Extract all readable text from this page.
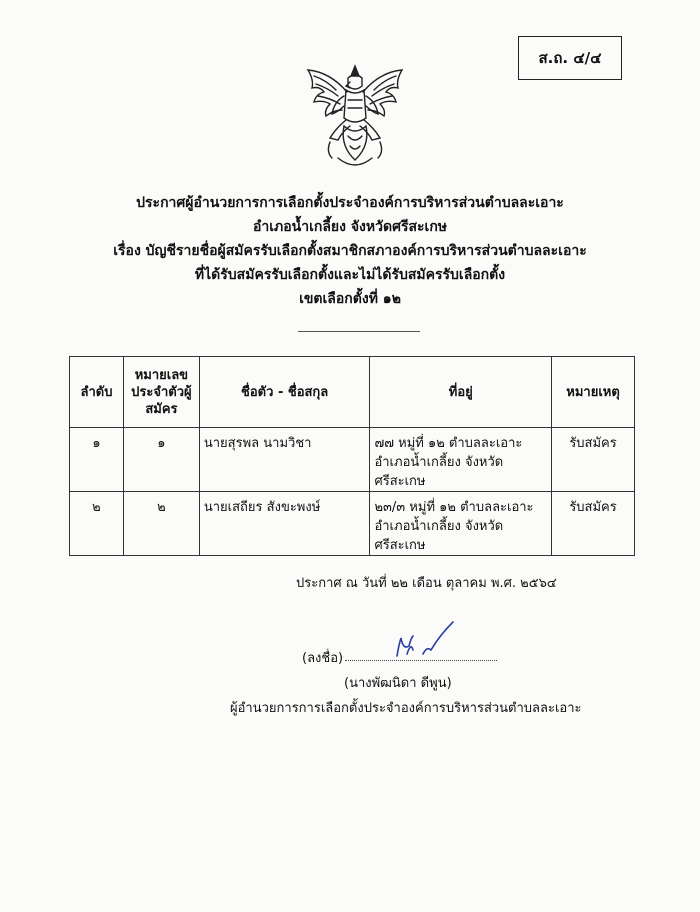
ส.ถ. ๔/๔
ประกาศผู้อำนวยการการเลือกตั้งประจำองค์การบริหารส่วนตำบลละเอาะ
อำเภอน้ำเกลี้ยง จังหวัดศรีสะเกษ
เรื่อง บัญชีรายชื่อผู้สมัครรับเลือกตั้งสมาชิกสภาองค์การบริหารส่วนตำบลละเอาะ
ที่ได้รับสมัครรับเลือกตั้งและไม่ได้รับสมัครรับเลือกตั้ง
เขตเลือกตั้งที่ ๑๒
ลำดับ	หมายเลขประจำตัวผู้สมัคร	ชื่อตัว - ชื่อสกุล	ที่อยู่	หมายเหตุ
๑	๑	นายสุรพล นามวิชา	๗๗ หมู่ที่ ๑๒ ตำบลละเอาะ
อำเภอน้ำเกลี้ยง จังหวัดศรีสะเกษ	รับสมัคร
๒	๒	นายเสถียร สังขะพงษ์	๒๓/๓ หมู่ที่ ๑๒ ตำบลละเอาะ
อำเภอน้ำเกลี้ยง จังหวัดศรีสะเกษ	รับสมัคร
ประกาศ ณ วันที่ ๒๒ เดือน ตุลาคม พ.ศ. ๒๕๖๔
(ลงชื่อ)
(นางพัฒนิดา ดีพูน)
ผู้อำนวยการการเลือกตั้งประจำองค์การบริหารส่วนตำบลละเอาะ
